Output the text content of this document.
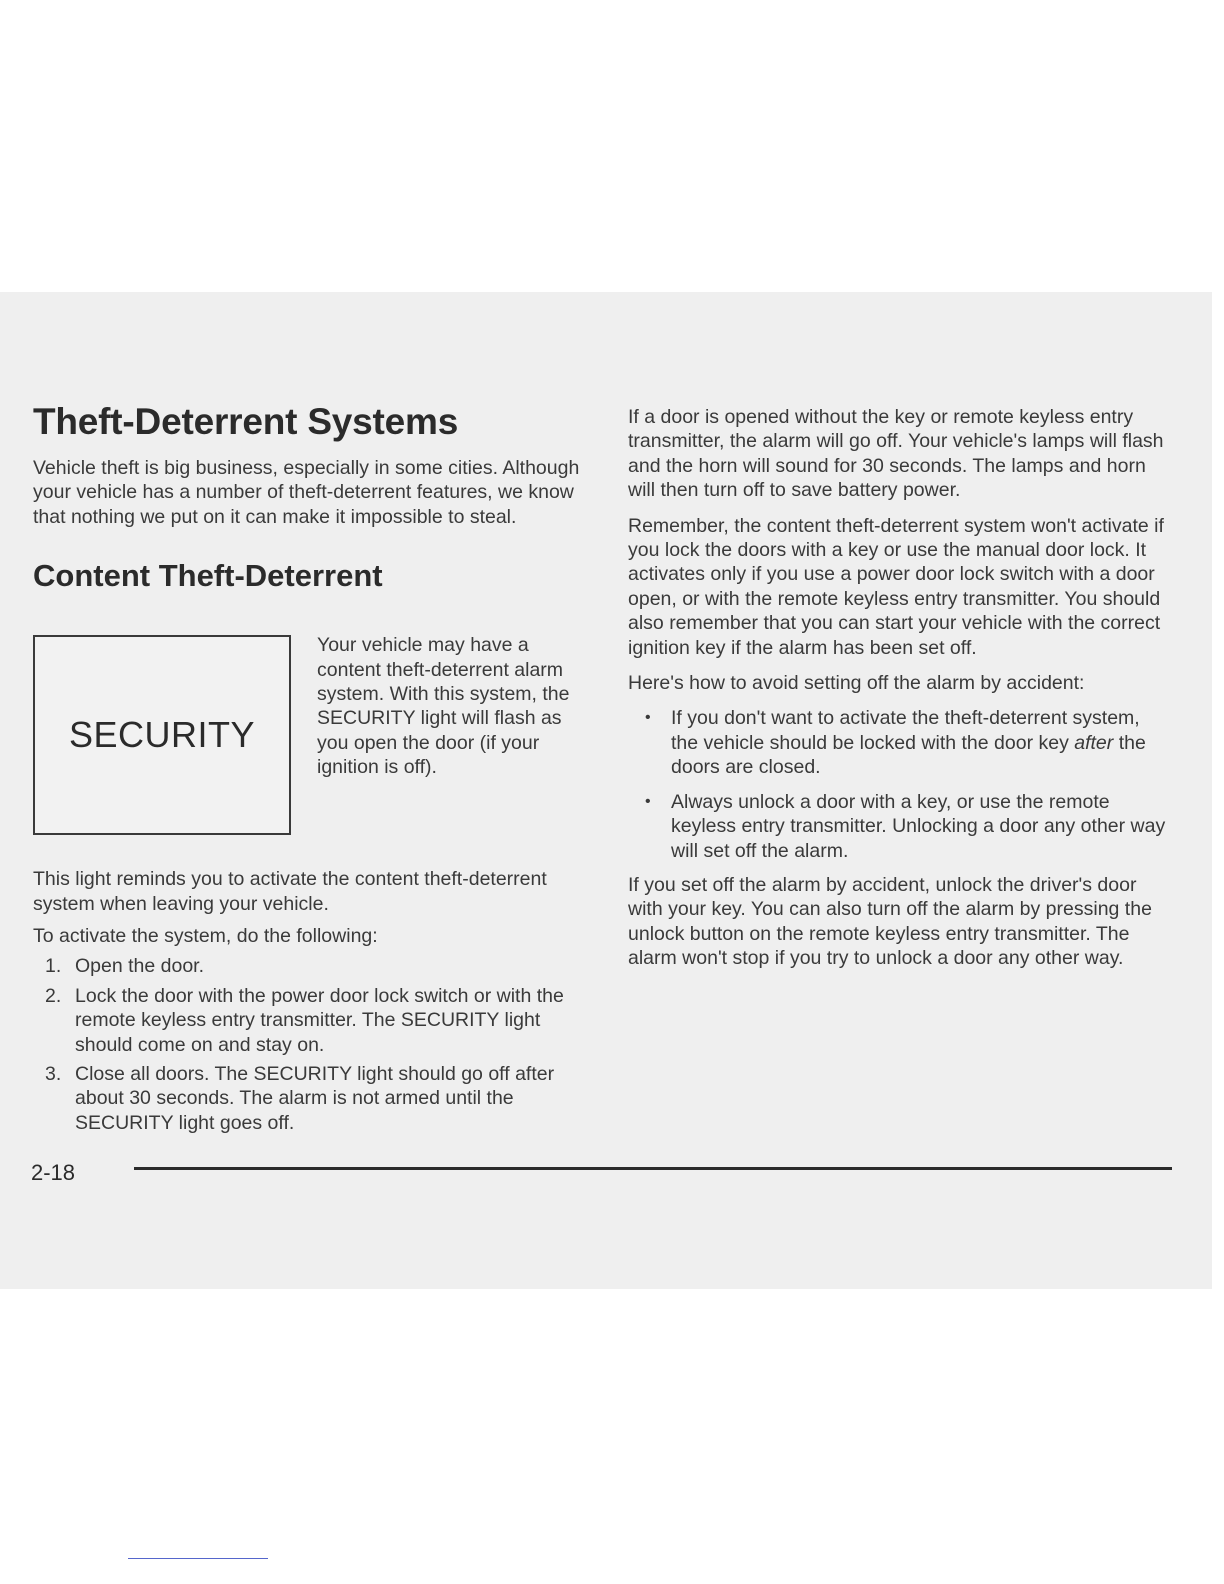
Theft-Deterrent Systems

Vehicle theft is big business, especially in some cities. Although your vehicle has a number of theft-deterrent features, we know that nothing we put on it can make it impossible to steal.

Content Theft-Deterrent
SECURITY

Your vehicle may have a content theft-deterrent alarm system. With this system, the SECURITY light will flash as you open the door (if your ignition is off).

This light reminds you to activate the content theft-deterrent system when leaving your vehicle.

To activate the system, do the following:

1. Open the door.
2. Lock the door with the power door lock switch or with the remote keyless entry transmitter. The SECURITY light should come on and stay on.
3. Close all doors. The SECURITY light should go off after about 30 seconds. The alarm is not armed until the SECURITY light goes off.

If a door is opened without the key or remote keyless entry transmitter, the alarm will go off. Your vehicle's lamps will flash and the horn will sound for 30 seconds. The lamps and horn will then turn off to save battery power.

Remember, the content theft-deterrent system won't activate if you lock the doors with a key or use the manual door lock. It activates only if you use a power door lock switch with a door open, or with the remote keyless entry transmitter. You should also remember that you can start your vehicle with the correct ignition key if the alarm has been set off.

Here's how to avoid setting off the alarm by accident:

• If you don't want to activate the theft-deterrent system, the vehicle should be locked with the door key after the doors are closed.
• Always unlock a door with a key, or use the remote keyless entry transmitter. Unlocking a door any other way will set off the alarm.

If you set off the alarm by accident, unlock the driver's door with your key. You can also turn off the alarm by pressing the unlock button on the remote keyless entry transmitter. The alarm won't stop if you try to unlock a door any other way.

2-18
